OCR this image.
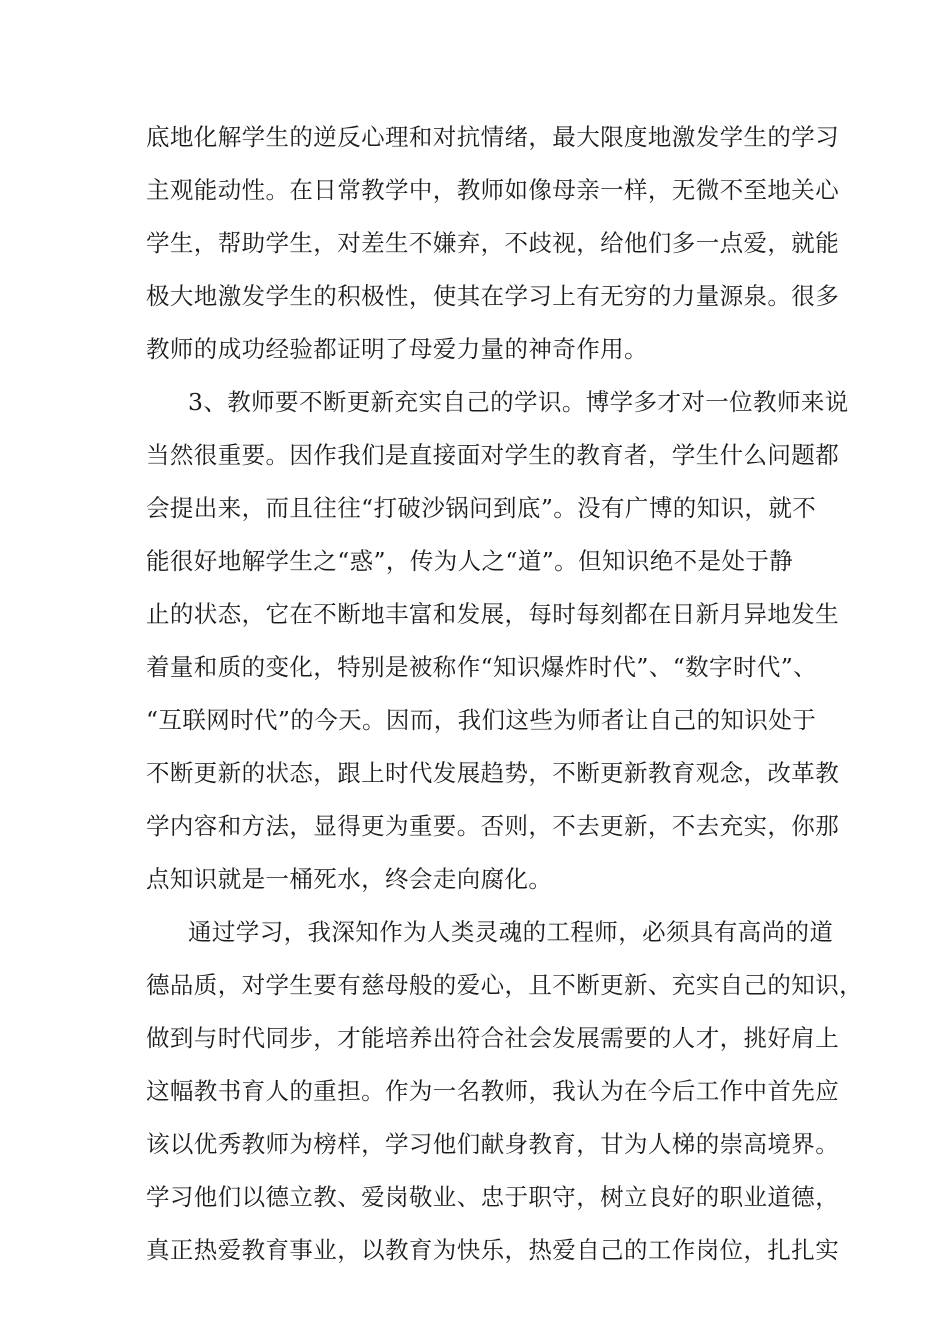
底地化解学生的逆反心理和对抗情绪，最大限度地激发学生的学习
主观能动性。在日常教学中，教师如像母亲一样，无微不至地关心
学生，帮助学生，对差生不嫌弃，不歧视，给他们多一点爱，就能
极大地激发学生的积极性，使其在学习上有无穷的力量源泉。很多
教师的成功经验都证明了母爱力量的神奇作用。
3、教师要不断更新充实自己的学识。博学多才对一位教师来说
当然很重要。因作我们是直接面对学生的教育者，学生什么问题都
会提出来，而且往往“打破沙锅问到底”。没有广博的知识，就不
能很好地解学生之“惑”，传为人之“道”。但知识绝不是处于静
止的状态，它在不断地丰富和发展，每时每刻都在日新月异地发生
着量和质的变化，特别是被称作“知识爆炸时代”、“数字时代”、
“互联网时代”的今天。因而，我们这些为师者让自己的知识处于
不断更新的状态，跟上时代发展趋势，不断更新教育观念，改革教
学内容和方法，显得更为重要。否则，不去更新，不去充实，你那
点知识就是一桶死水，终会走向腐化。
通过学习，我深知作为人类灵魂的工程师，必须具有高尚的道
德品质，对学生要有慈母般的爱心，且不断更新、充实自己的知识，
做到与时代同步，才能培养出符合社会发展需要的人才，挑好肩上
这幅教书育人的重担。作为一名教师，我认为在今后工作中首先应
该以优秀教师为榜样，学习他们献身教育，甘为人梯的崇高境界。
学习他们以德立教、爱岗敬业、忠于职守，树立良好的职业道德，
真正热爱教育事业，以教育为快乐，热爱自己的工作岗位，扎扎实
